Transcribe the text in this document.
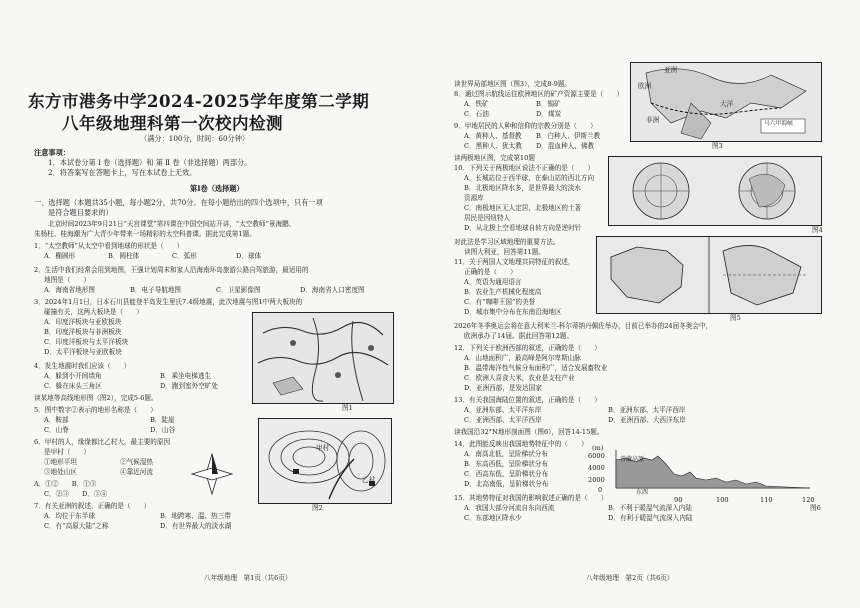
东方市港务中学2024-2025学年度第二学期
八年级地理科第一次校内检测
（满分：100分，时间：60分钟）
注意事项：
1．本试卷分第 Ⅰ 卷（选择题）和 第 Ⅱ 卷（非选择题）两部分。
2．将答案写在答题卡上，写在本试卷上无效。
第Ⅰ卷（选择题）
一、选择题（本题共35小题，每小题2分，共70分。在每小题给出的四个选项中，只有一项
是符合题目要求的）
北京时间2023年9月21日“天宫课堂”第四课在中国空间站开讲，“太空教师”景海鹏、
朱杨柱、桂海潮为广大青少年带来一场精彩的太空科普课。据此完成第1题。
1．“太空教师”从太空中看到地球的形状是（　　）
A．椭圆形	B．圆柱体	C．弧形	D．球体
2．生活中我们经常会用到地图，王强计划周末和家人沿海南环岛旅游公路自驾旅游，最适用的
地图是（　　）
A．海南省地形图	B．电子导航地图	C．卫星影像图	D．海南省人口密度图
3．2024年1月1日，日本石川县能登半岛发生里氏7.4级地震，此次地震与图1中两大板块的
碰撞有关，这两大板块是（　　）
A．印度洋板块与亚欧板块
B．印度洋板块与非洲板块
C．印度洋板块与太平洋板块
D．太平洋板块与亚欧板块
4．发生地震时我们应该（　　）
A．躲到小开间墙角	B．乘坐电梯逃生
C．躲在床头三角区	D．跑到室外空旷处
读某地等高线地形图（图2），完成5-6题。
5．图中数字②表示的地形名称是（　　）
A．鞍部	B．陡崖
C．山脊	D．山谷
6．甲村的人，缘缘都比乙村大，最主要的原因
是甲村（　　）
①地形平坦	②气候湿热
③地处山区	④靠近河流
A．①②　　B．①③
C．②③　　D．③④
7．有关亚洲的叙述，正确的是（　　）
A．均位于东半球	B．地跨寒、温、热三带
C．有“高原大陆”之称	D．有世界最大的淡水湖
图1
甲村
乙村
图2
八年级地理　第1页（共6页）
读世界局部地区图（图3），完成8-9题。
8．通过图示航线运往欧洲地区的矿产资源主要是（　　）
A．铁矿	B．锡矿
C．石油	D．煤炭
9．甲地居民的人种和信仰的宗教分别是（　　）
A．黄种人、基督教 B．白种人、伊斯兰教
C．黑种人、犹太教 D．混血种人、佛教
读两极地区图，完成第10题
10．下列关于两极地区说法不正确的是（　　）
A．长城站位于西半球，在泰山站的西北方向
B．北极地区降水多，是世界最大的淡水
资源库
C．南极地区无人定居，北极地区的土著
居民是因纽特人
D．从北极上空看地球自转方向是逆时针
对此法是学习区域地理的重要方法。
读图大利亚，回答第11题。
11．关于两国人文地理共同特征的叙述，
正确的是（　　）
A．英语为通用语言
B．农业生产机械化程度高
C．有“咖啡王国”的美誉
D．城市集中分布在东南沿海地区
2026年冬季奥运会将在意大利米兰-科尔蒂纳丹佩佐举办，目前已举办的24届冬奥会中，
欧洲承办了14届。据此回答第12题。
12．下列关于欧洲西部的叙述，正确的是（　　）
A．山地面积广，最高峰是阿尔卑斯山脉
B．温带海洋性气候分布面积广，适合发展畜牧业
C．欧洲人喜食大米，农业是支柱产业
D．亚洲西部，是发达国家
13．有关我国海陆位置的叙述，正确的是（　　）
A．亚洲东部、太平洋东岸	B．亚洲东部、太平洋西岸
C．亚洲西部、太平洋西岸	D．亚洲西部、大西洋东岸
读我国沿32°N地形剖面图（图6），回答14-15题。
14．此图能反映出我国地势特征中的（　　）
A．南高北低，呈阶梯状分布
B．东高西低，呈阶梯状分布
C．西高东低，呈阶梯状分布
D．北高南低，呈阶梯状分布
15．其地势特征对我国的影响叙述正确的是（　　）
A．我国大部分河流自东向西流	B．不利于暖湿气流深入内陆
C．东部地区降水少	D．有利于暖湿气流深入内陆
亚洲
欧洲
大洋
非洲	马六甲海峡
图3
图4
图5
(m)
6000
4000
2000
0
青藏高原
东西
90	100	110	120
图6
八年级地理　第2页（共6页）
